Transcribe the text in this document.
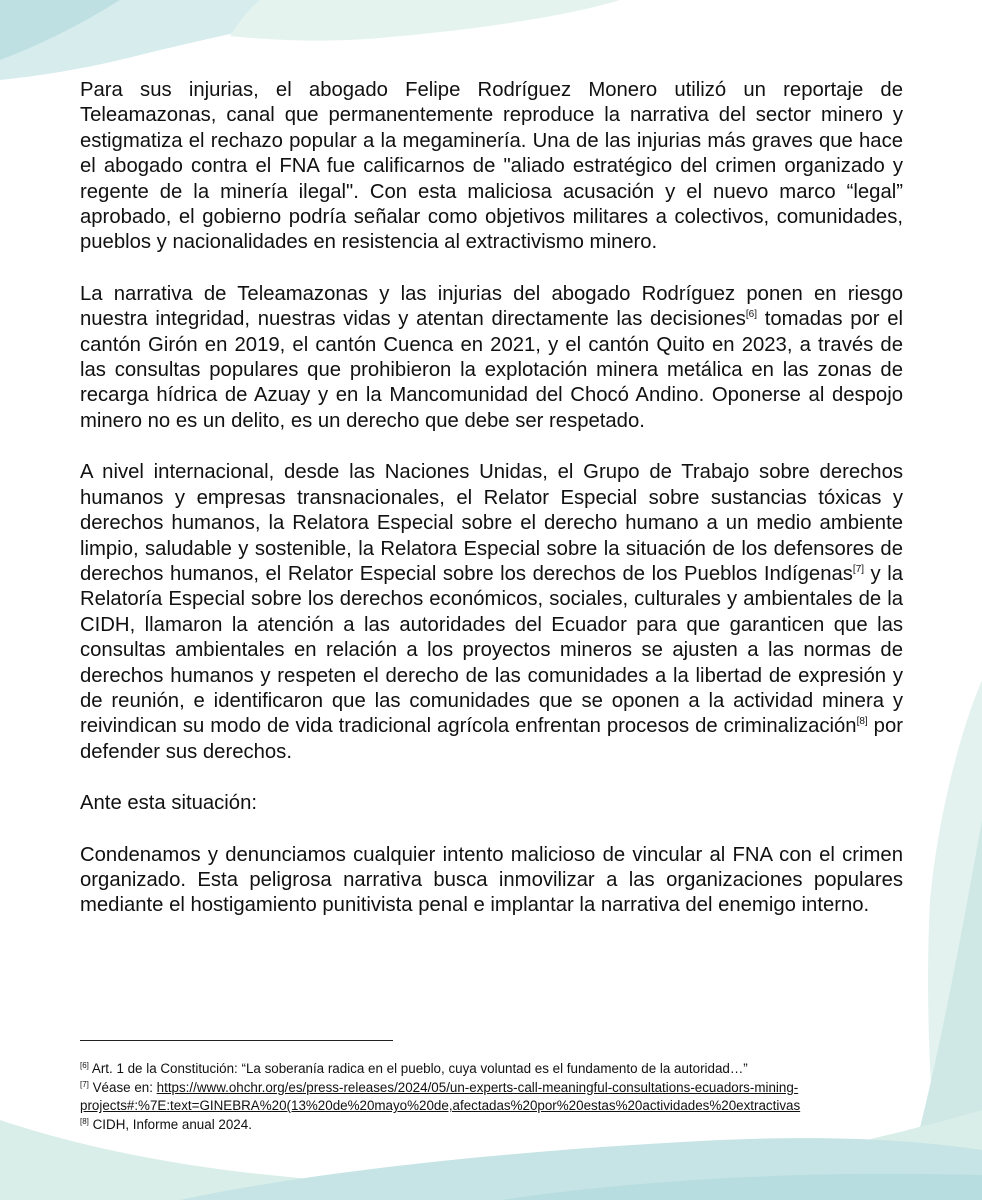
Para sus injurias, el abogado Felipe Rodríguez Monero utilizó un reportaje de Teleamazonas, canal que permanentemente reproduce la narrativa del sector minero y estigmatiza el rechazo popular a la megaminería. Una de las injurias más graves que hace el abogado contra el FNA fue calificarnos de "aliado estratégico del crimen organizado y regente de la minería ilegal". Con esta maliciosa acusación y el nuevo marco “legal” aprobado, el gobierno podría señalar como objetivos militares a colectivos, comunidades, pueblos y nacionalidades en resistencia al extractivismo minero.

La narrativa de Teleamazonas y las injurias del abogado Rodríguez ponen en riesgo nuestra integridad, nuestras vidas y atentan directamente las decisiones[6] tomadas por el cantón Girón en 2019, el cantón Cuenca en 2021, y el cantón Quito en 2023, a través de las consultas populares que prohibieron la explotación minera metálica en las zonas de recarga hídrica de Azuay y en la Mancomunidad del Chocó Andino. Oponerse al despojo minero no es un delito, es un derecho que debe ser respetado.

A nivel internacional, desde las Naciones Unidas, el Grupo de Trabajo sobre derechos humanos y empresas transnacionales, el Relator Especial sobre sustancias tóxicas y derechos humanos, la Relatora Especial sobre el derecho humano a un medio ambiente limpio, saludable y sostenible, la Relatora Especial sobre la situación de los defensores de derechos humanos, el Relator Especial sobre los derechos de los Pueblos Indígenas[7] y la Relatoría Especial sobre los derechos económicos, sociales, culturales y ambientales de la CIDH, llamaron la atención a las autoridades del Ecuador para que garanticen que las consultas ambientales en relación a los proyectos mineros se ajusten a las normas de derechos humanos y respeten el derecho de las comunidades a la libertad de expresión y de reunión, e identificaron que las comunidades que se oponen a la actividad minera y reivindican su modo de vida tradicional agrícola enfrentan procesos de criminalización[8] por defender sus derechos.

Ante esta situación:

Condenamos y denunciamos cualquier intento malicioso de vincular al FNA con el crimen organizado. Esta peligrosa narrativa busca inmovilizar a las organizaciones populares mediante el hostigamiento punitivista penal e implantar la narrativa del enemigo interno.

[6] Art. 1 de la Constitución: “La soberanía radica en el pueblo, cuya voluntad es el fundamento de la autoridad…”

[7] Véase en: https://www.ohchr.org/es/press-releases/2024/05/un-experts-call-meaningful-consultations-ecuadors-mining-

projects#:%7E:text=GINEBRA%20(13%20de%20mayo%20de,afectadas%20por%20estas%20actividades%20extractivas

[8] CIDH, Informe anual 2024.
